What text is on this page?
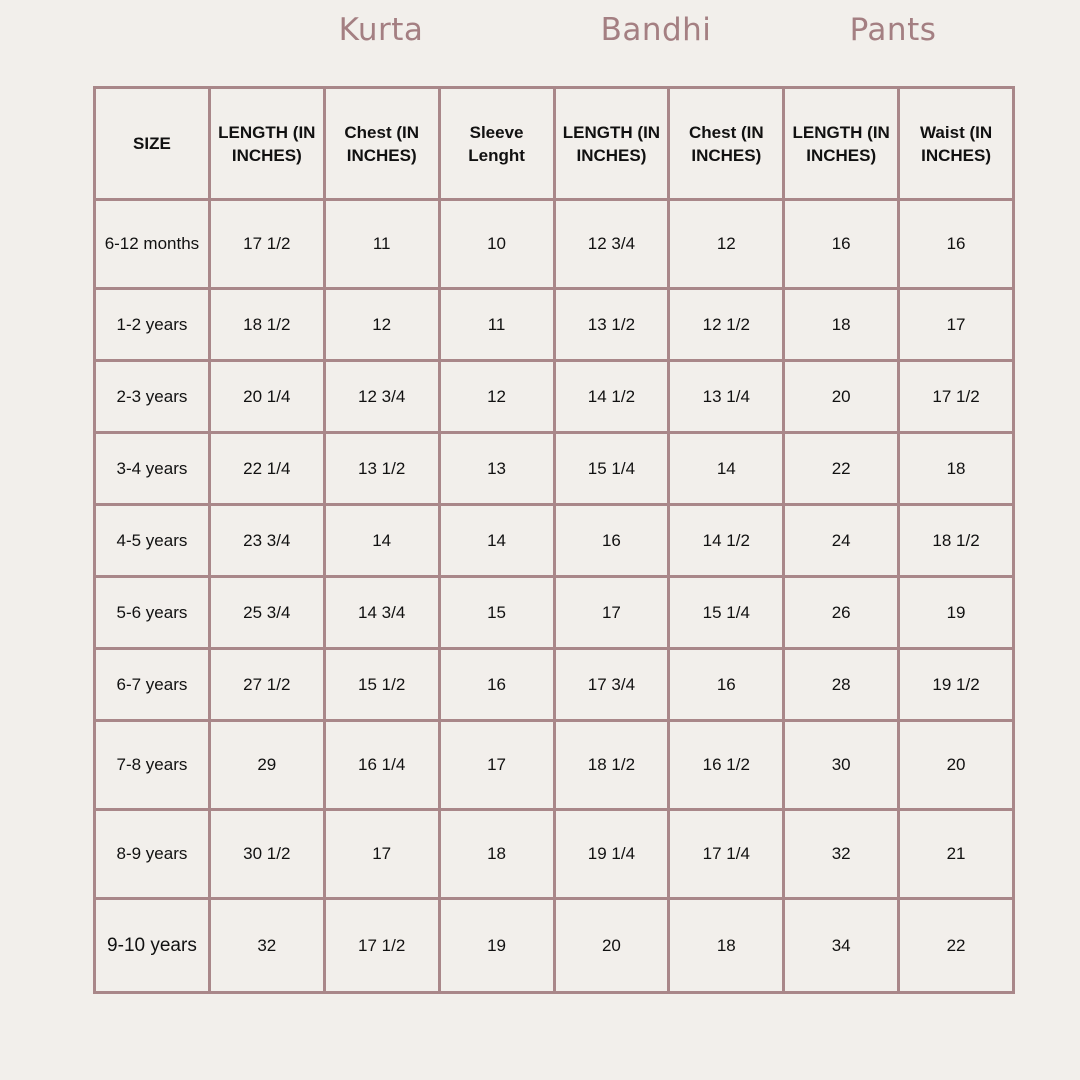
Kurta	Bandhi	Pants
SIZE	LENGTH (IN INCHES)	Chest (IN INCHES)	Sleeve Lenght	LENGTH (IN INCHES)	Chest (IN INCHES)	LENGTH (IN INCHES)	Waist (IN INCHES)
6-12 months	17 1/2	11	10	12 3/4	12	16	16
1-2 years	18 1/2	12	11	13 1/2	12 1/2	18	17
2-3 years	20 1/4	12 3/4	12	14 1/2	13 1/4	20	17 1/2
3-4 years	22 1/4	13 1/2	13	15 1/4	14	22	18
4-5 years	23 3/4	14	14	16	14 1/2	24	18 1/2
5-6 years	25 3/4	14 3/4	15	17	15 1/4	26	19
6-7 years	27 1/2	15 1/2	16	17 3/4	16	28	19 1/2
7-8 years	29	16 1/4	17	18 1/2	16 1/2	30	20
8-9 years	30 1/2	17	18	19 1/4	17 1/4	32	21
9-10 years	32	17 1/2	19	20	18	34	22
